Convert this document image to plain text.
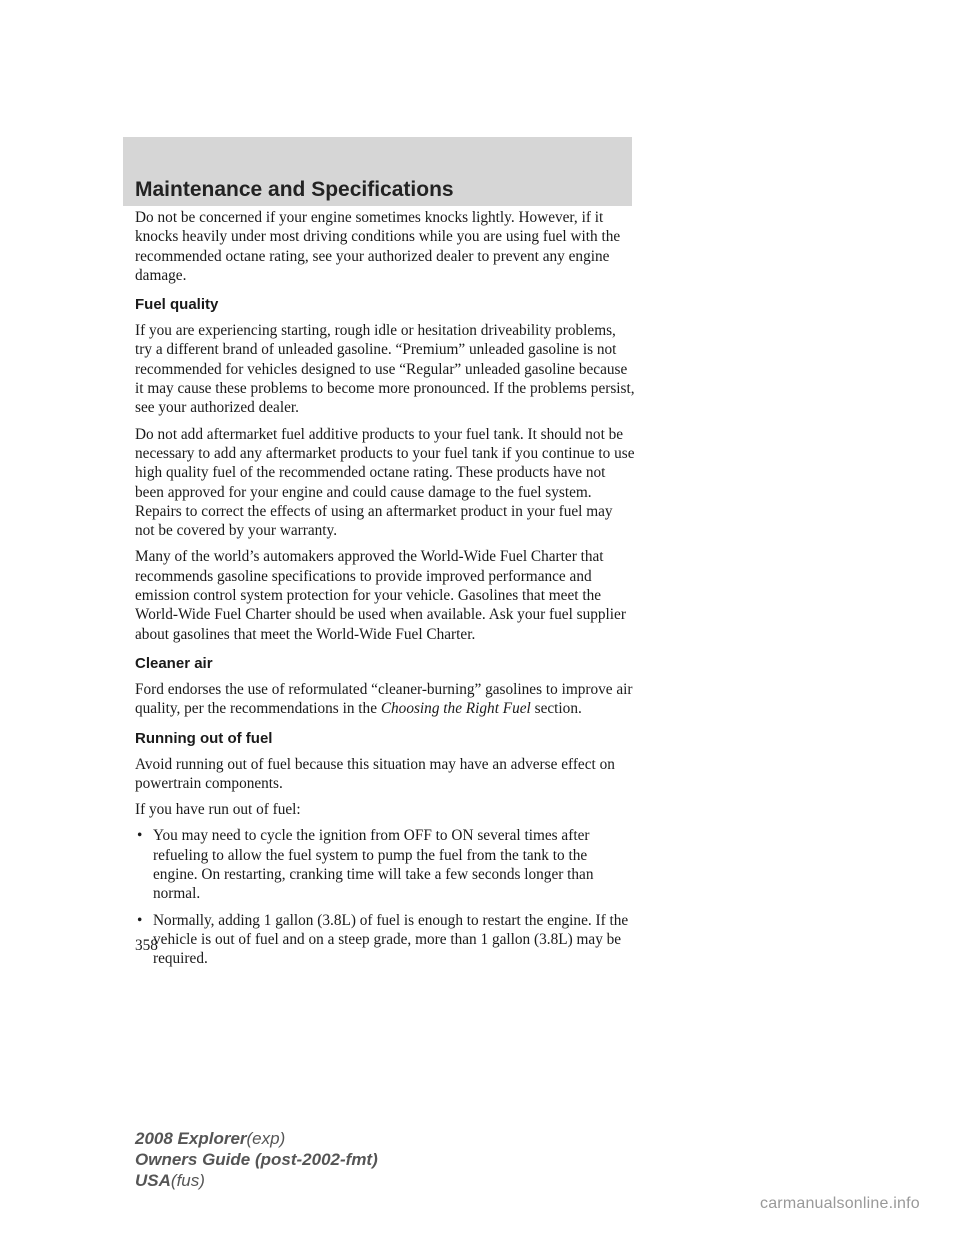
Maintenance and Specifications

Do not be concerned if your engine sometimes knocks lightly. However, if it knocks heavily under most driving conditions while you are using fuel with the recommended octane rating, see your authorized dealer to prevent any engine damage.

Fuel quality

If you are experiencing starting, rough idle or hesitation driveability problems, try a different brand of unleaded gasoline. “Premium” unleaded gasoline is not recommended for vehicles designed to use “Regular” unleaded gasoline because it may cause these problems to become more pronounced. If the problems persist, see your authorized dealer.

Do not add aftermarket fuel additive products to your fuel tank. It should not be necessary to add any aftermarket products to your fuel tank if you continue to use high quality fuel of the recommended octane rating. These products have not been approved for your engine and could cause damage to the fuel system. Repairs to correct the effects of using an aftermarket product in your fuel may not be covered by your warranty.

Many of the world’s automakers approved the World-Wide Fuel Charter that recommends gasoline specifications to provide improved performance and emission control system protection for your vehicle. Gasolines that meet the World-Wide Fuel Charter should be used when available. Ask your fuel supplier about gasolines that meet the World-Wide Fuel Charter.

Cleaner air

Ford endorses the use of reformulated “cleaner-burning” gasolines to improve air quality, per the recommendations in the Choosing the Right Fuel section.

Running out of fuel

Avoid running out of fuel because this situation may have an adverse effect on powertrain components.

If you have run out of fuel:

• You may need to cycle the ignition from OFF to ON several times after refueling to allow the fuel system to pump the fuel from the tank to the engine. On restarting, cranking time will take a few seconds longer than normal.
• Normally, adding 1 gallon (3.8L) of fuel is enough to restart the engine. If the vehicle is out of fuel and on a steep grade, more than 1 gallon (3.8L) may be required.
358
2008 Explorer(exp)
Owners Guide (post-2002-fmt)
USA(fus)
carmanualsonline.info
